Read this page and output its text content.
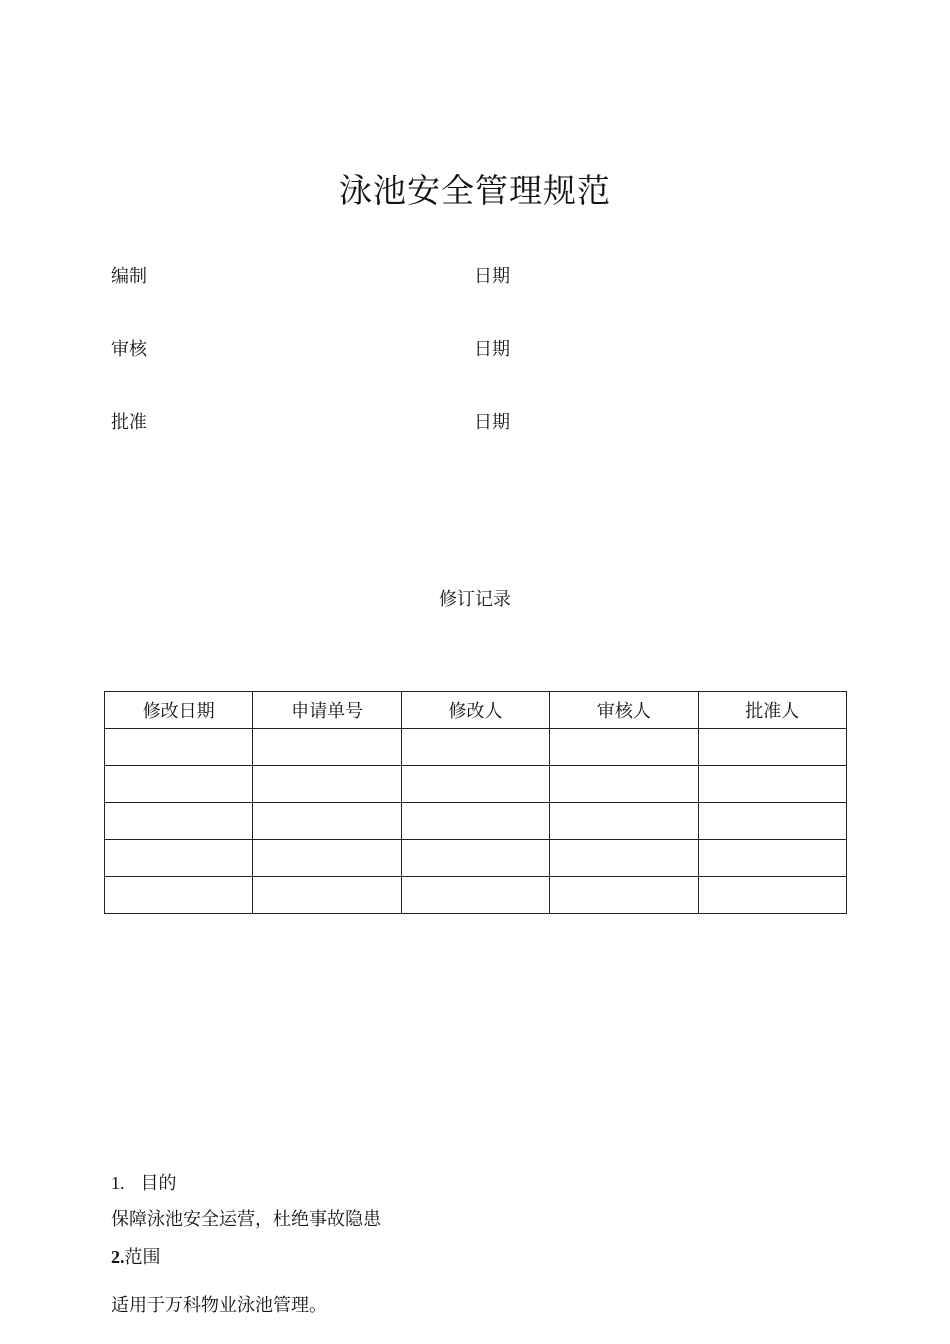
泳池安全管理规范
编制	日期
审核	日期
批准	日期
修订记录
修改日期	申请单号	修改人	审核人	批准人

1. 目的
保障泳池安全运营，杜绝事故隐患
2.范围
适用于万科物业泳池管理。
